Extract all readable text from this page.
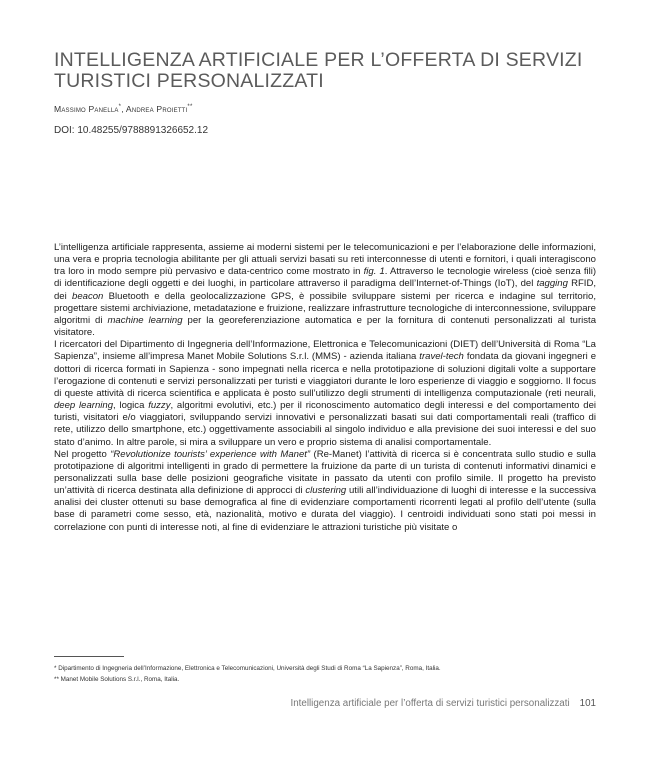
INTELLIGENZA ARTIFICIALE PER L’OFFERTA DI SERVIZI TURISTICI PERSONALIZZATI
Massimo Panella*, Andrea Proietti**
DOI: 10.48255/9788891326652.12

L’intelligenza artificiale rappresenta, assieme ai moderni sistemi per le telecomunicazioni e per l’elaborazione delle informazioni, una vera e propria tecnologia abilitante per gli attuali servizi basati su reti interconnesse di utenti e fornitori, i quali interagiscono tra loro in modo sempre più pervasivo e data-centrico come mostrato in fig. 1. Attraverso le tecnologie wireless (cioè senza fili) di identificazione degli oggetti e dei luoghi, in particolare attraverso il paradigma dell’Internet-of-Things (IoT), del tagging RFID, dei beacon Bluetooth e della geolocalizzazione GPS, è possibile sviluppare sistemi per ricerca e indagine sul territorio, progettare sistemi archiviazione, metadatazione e fruizione, realizzare infrastrutture tecnologiche di interconnessione, sviluppare algoritmi di machine learning per la georeferenziazione automatica e per la fornitura di contenuti personalizzati al turista visitatore.

I ricercatori del Dipartimento di Ingegneria dell’Informazione, Elettronica e Telecomunicazioni (DIET) dell’Università di Roma “La Sapienza”, insieme all’impresa Manet Mobile Solutions S.r.l. (MMS) - azienda italiana travel-tech fondata da giovani ingegneri e dottori di ricerca formati in Sapienza - sono impegnati nella ricerca e nella prototipazione di soluzioni digitali volte a supportare l’erogazione di contenuti e servizi personalizzati per turisti e viaggiatori durante le loro esperienze di viaggio e soggiorno. Il focus di queste attività di ricerca scientifica e applicata è posto sull’utilizzo degli strumenti di intelligenza computazionale (reti neurali, deep learning, logica fuzzy, algoritmi evolutivi, etc.) per il riconoscimento automatico degli interessi e del comportamento dei turisti, visitatori e/o viaggiatori, sviluppando servizi innovativi e personalizzati basati sui dati comportamentali reali (traffico di rete, utilizzo dello smartphone, etc.) oggettivamente associabili al singolo individuo e alla previsione dei suoi interessi e del suo stato d’animo. In altre parole, si mira a sviluppare un vero e proprio sistema di analisi comportamentale.

Nel progetto “Revolutionize tourists’ experience with Manet” (Re-Manet) l’attività di ricerca si è concentrata sullo studio e sulla prototipazione di algoritmi intelligenti in grado di permettere la fruizione da parte di un turista di contenuti informativi dinamici e personalizzati sulla base delle posizioni geografiche visitate in passato da utenti con profilo simile. Il progetto ha previsto un’attività di ricerca destinata alla definizione di approcci di clustering utili all’individuazione di luoghi di interesse e la successiva analisi dei cluster ottenuti su base demografica al fine di evidenziare comportamenti ricorrenti legati al profilo dell’utente (sulla base di parametri come sesso, età, nazionalità, motivo e durata del viaggio). I centroidi individuati sono stati poi messi in correlazione con punti di interesse noti, al fine di evidenziare le attrazioni turistiche più visitate o

* Dipartimento di Ingegneria dell’Informazione, Elettronica e Telecomunicazioni, Università degli Studi di Roma “La Sapienza”, Roma, Italia.
** Manet Mobile Solutions S.r.l., Roma, Italia.
Intelligenza artificiale per l’offerta di servizi turistici personalizzati 101
